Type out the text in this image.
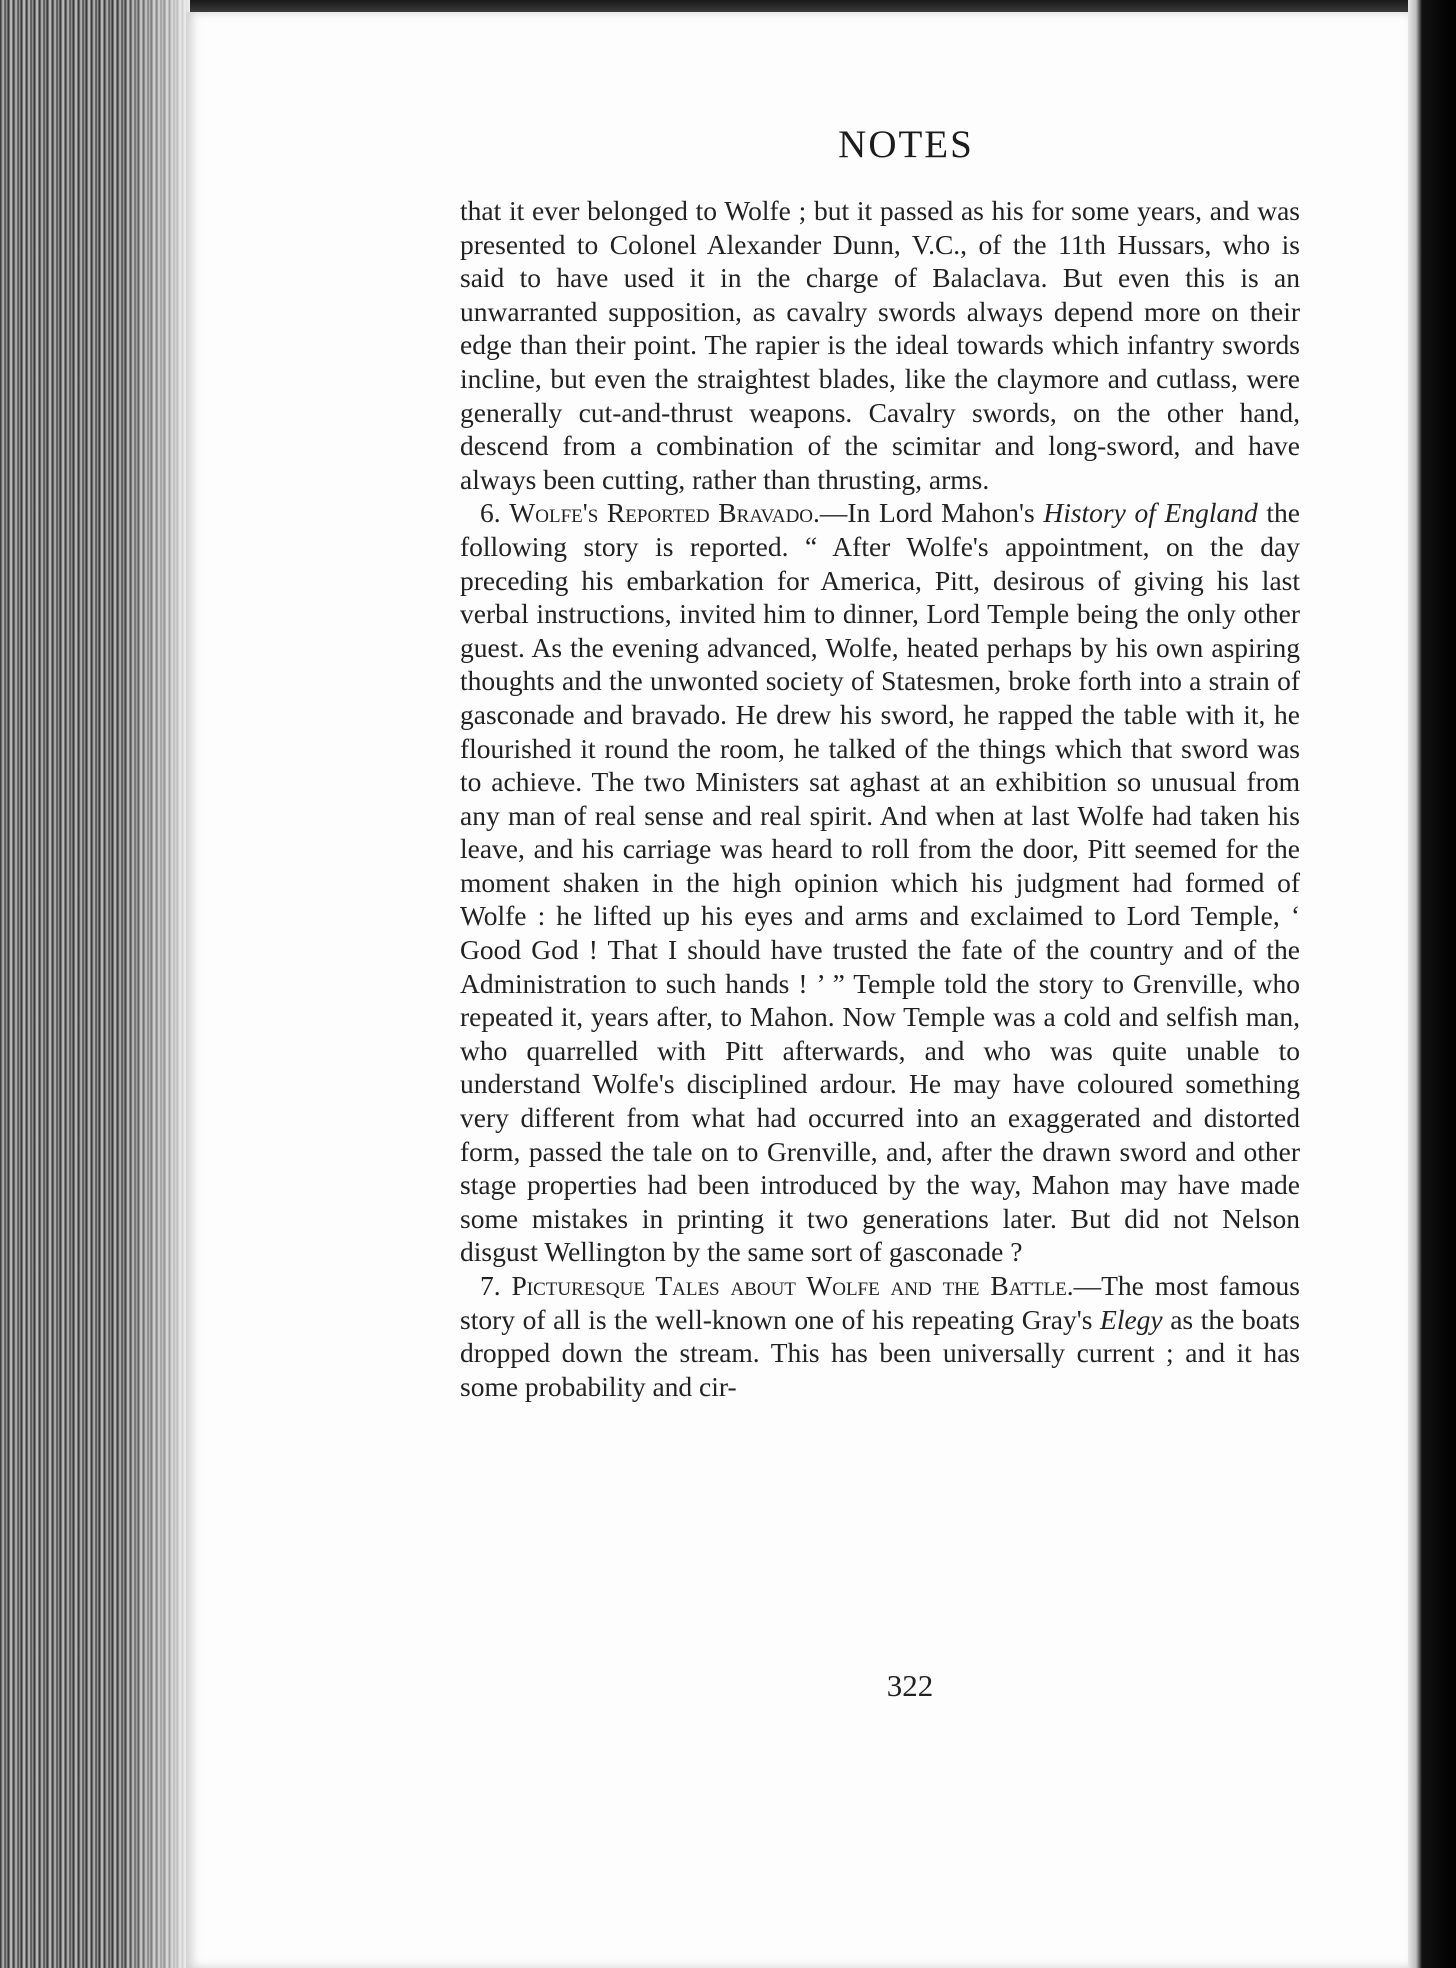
NOTES

that it ever belonged to Wolfe ; but it passed as his for some years, and was presented to Colonel Alexander Dunn, V.C., of the 11th Hussars, who is said to have used it in the charge of Balaclava. But even this is an unwarranted supposition, as cavalry swords always depend more on their edge than their point. The rapier is the ideal towards which infantry swords incline, but even the straightest blades, like the claymore and cutlass, were generally cut-and-thrust weapons. Cavalry swords, on the other hand, descend from a combination of the scimitar and long-sword, and have always been cutting, rather than thrusting, arms.

6. Wolfe's Reported Bravado.—In Lord Mahon's History of England the following story is reported. “ After Wolfe's appointment, on the day preceding his embarkation for America, Pitt, desirous of giving his last verbal instructions, invited him to dinner, Lord Temple being the only other guest. As the evening advanced, Wolfe, heated perhaps by his own aspiring thoughts and the unwonted society of Statesmen, broke forth into a strain of gasconade and bravado. He drew his sword, he rapped the table with it, he flourished it round the room, he talked of the things which that sword was to achieve. The two Ministers sat aghast at an exhibition so unusual from any man of real sense and real spirit. And when at last Wolfe had taken his leave, and his carriage was heard to roll from the door, Pitt seemed for the moment shaken in the high opinion which his judgment had formed of Wolfe : he lifted up his eyes and arms and exclaimed to Lord Temple, ‘ Good God ! That I should have trusted the fate of the country and of the Administration to such hands ! ’ ” Temple told the story to Grenville, who repeated it, years after, to Mahon. Now Temple was a cold and selfish man, who quarrelled with Pitt afterwards, and who was quite unable to understand Wolfe's disciplined ardour. He may have coloured something very different from what had occurred into an exaggerated and distorted form, passed the tale on to Grenville, and, after the drawn sword and other stage properties had been introduced by the way, Mahon may have made some mistakes in printing it two generations later. But did not Nelson disgust Wellington by the same sort of gasconade ?

7. Picturesque Tales about Wolfe and the Battle.—The most famous story of all is the well-known one of his repeating Gray's Elegy as the boats dropped down the stream. This has been universally current ; and it has some probability and cir-

322
